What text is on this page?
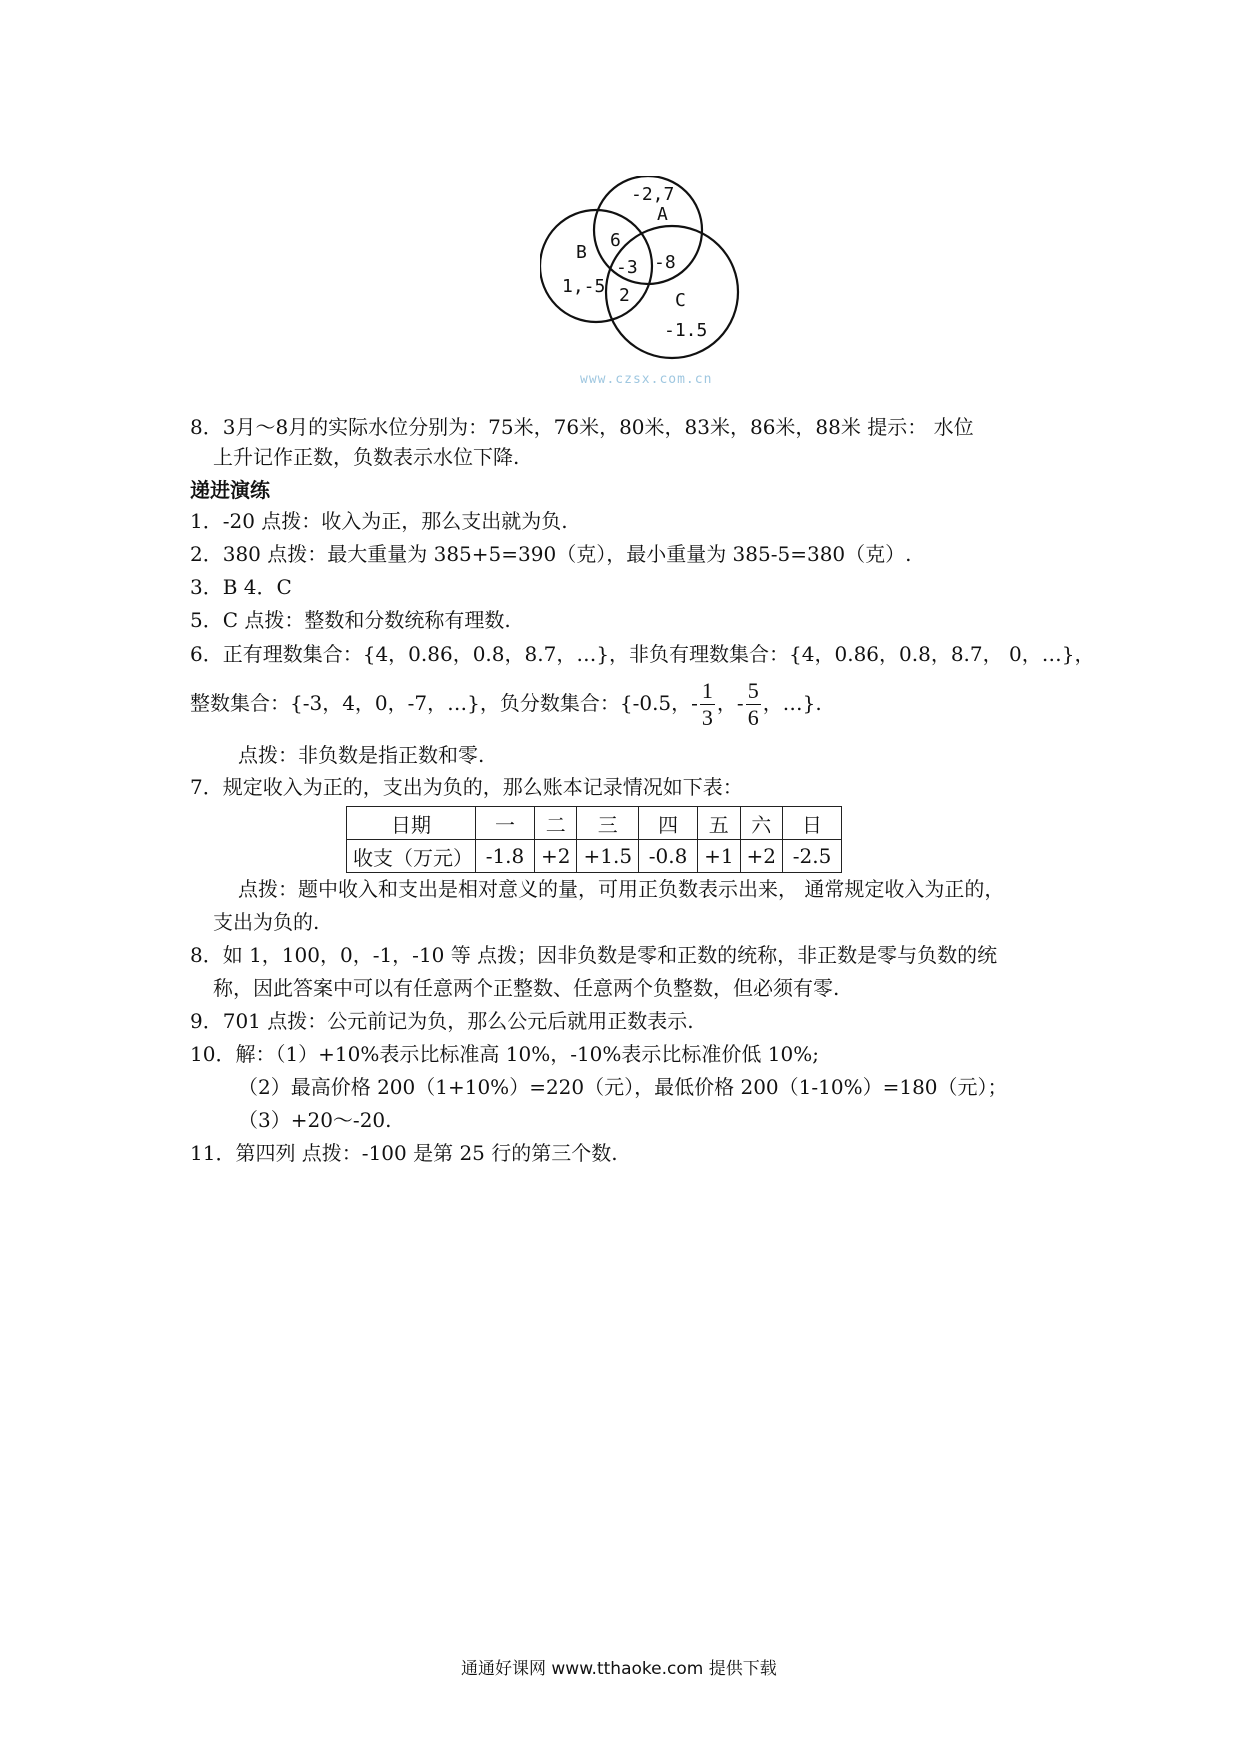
-2,7
A
B
1,-5
C
-1.5
6
-3 -8
2
www.czsx.com.cn
8．3月～8月的实际水位分别为：75米，76米，80米，83米，86米，88米 提示： 水位
上升记作正数，负数表示水位下降.
递进演练
1．-20 点拨：收入为正，那么支出就为负.
2．380 点拨：最大重量为 385+5=390（克），最小重量为 385-5=380（克）.
3．B 4．C
5．C 点拨：整数和分数统称有理数.
6．正有理数集合：{4，0.86，0.8，8.7，…}，非负有理数集合：{4，0.86，0.8，8.7， 0，…}，
整数集合：{-3，4，0，-7，…}，负分数集合：{-0.5，- $\frac{1}{3}$ ，- $\frac{5}{6}$ ，…}.
点拨：非负数是指正数和零.
7．规定收入为正的，支出为负的，那么账本记录情况如下表：
日期	一	二	三	四	五	六	日
收支（万元）	-1.8	+2	+1.5	-0.8	+1	+2	-2.5
点拨：题中收入和支出是相对意义的量，可用正负数表示出来， 通常规定收入为正的，
支出为负的.
8．如 1，100，0，-1，-10 等 点拨；因非负数是零和正数的统称，非正数是零与负数的统
称，因此答案中可以有任意两个正整数、任意两个负整数，但必须有零.
9．701 点拨：公元前记为负，那么公元后就用正数表示.
10．解：（1）+10%表示比标准高 10%，-10%表示比标准价低 10%;
（2）最高价格 200（1+10%）=220（元），最低价格 200（1-10%）=180（元）；
（3）+20～-20.
11．第四列 点拨：-100 是第 25 行的第三个数.
通通好课网 www.tthaoke.com 提供下载
